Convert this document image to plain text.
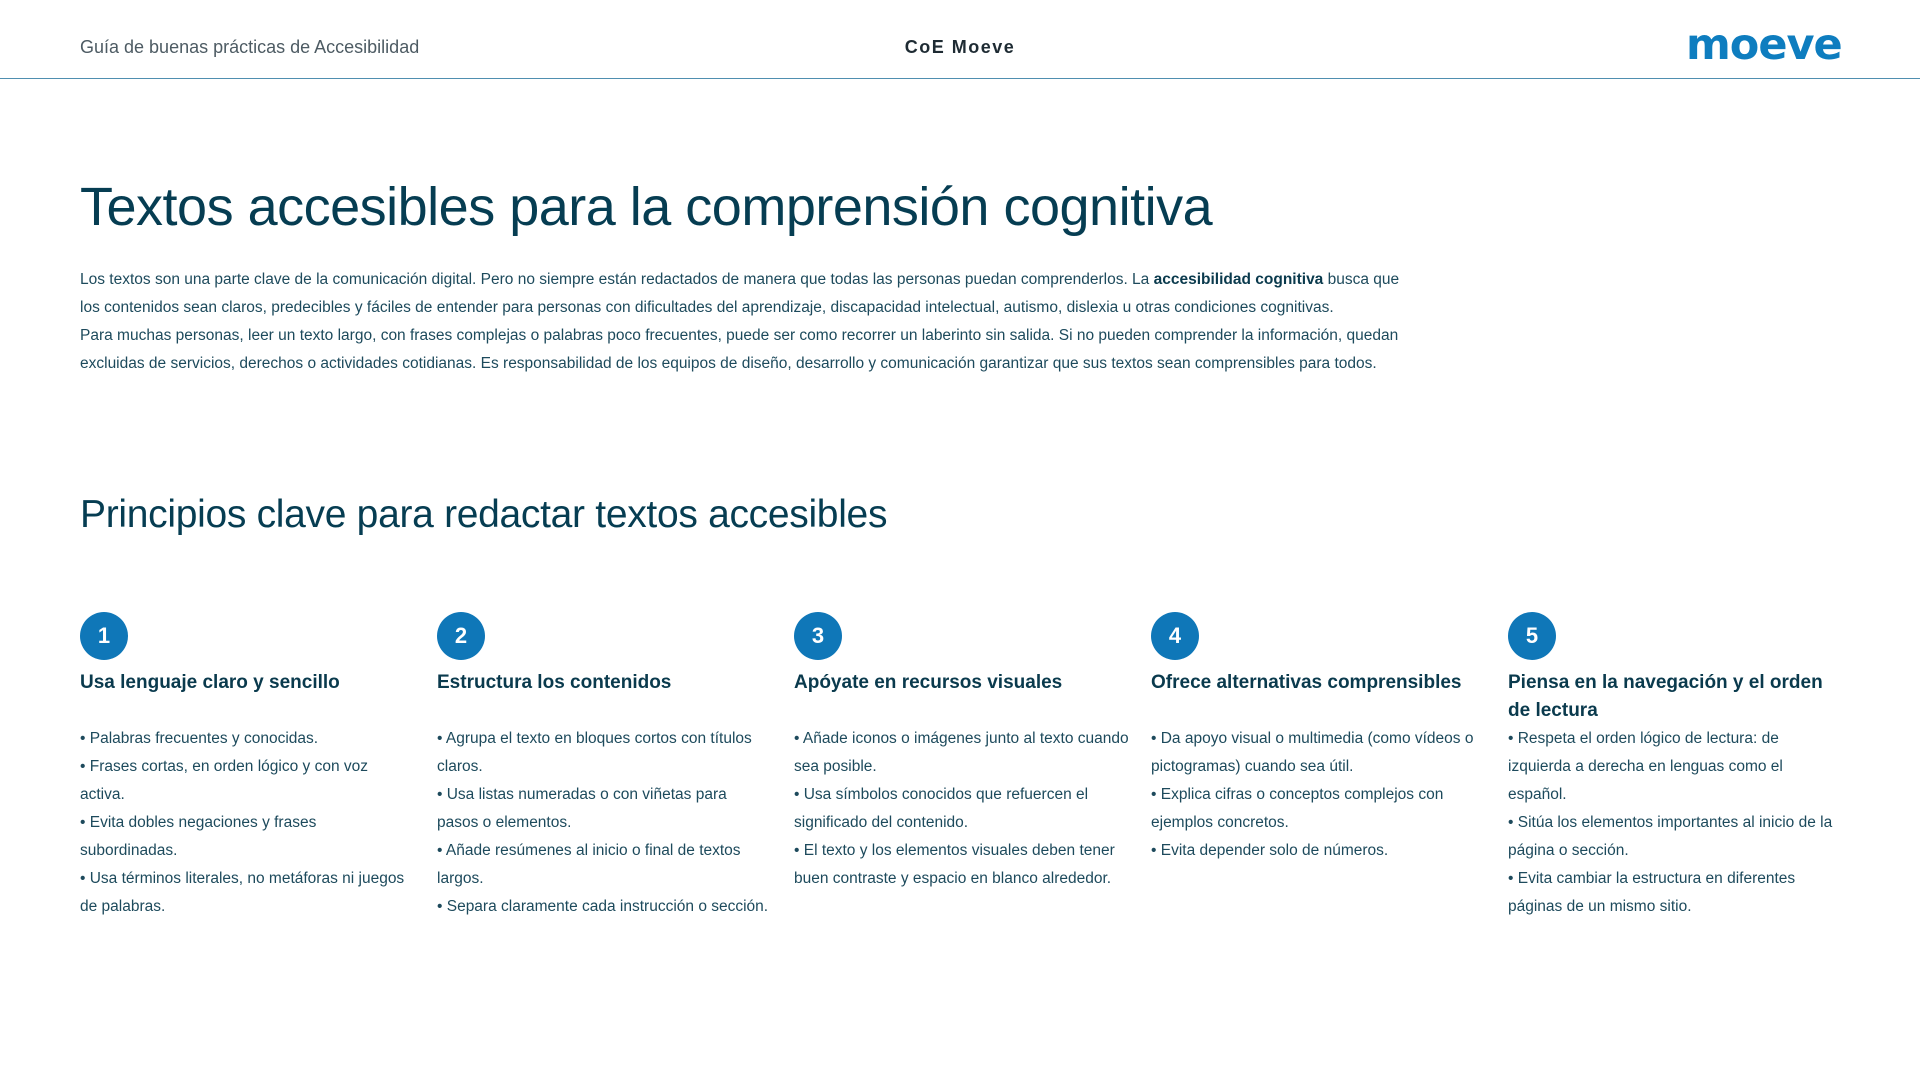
Guía de buenas prácticas de Accesibilidad	CoE Moeve	moeve
Textos accesibles para la comprensión cognitiva

Los textos son una parte clave de la comunicación digital. Pero no siempre están redactados de manera que todas las personas puedan comprenderlos. La accesibilidad cognitiva busca que los contenidos sean claros, predecibles y fáciles de entender para personas con dificultades del aprendizaje, discapacidad intelectual, autismo, dislexia u otras condiciones cognitivas.

Para muchas personas, leer un texto largo, con frases complejas o palabras poco frecuentes, puede ser como recorrer un laberinto sin salida. Si no pueden comprender la información, quedan excluidas de servicios, derechos o actividades cotidianas. Es responsabilidad de los equipos de diseño, desarrollo y comunicación garantizar que sus textos sean comprensibles para todos.

Principios clave para redactar textos accesibles
1
Usa lenguaje claro y sencillo
• Palabras frecuentes y conocidas.
• Frases cortas, en orden lógico y con voz activa.
• Evita dobles negaciones y frases subordinadas.
• Usa términos literales, no metáforas ni juegos de palabras.
2
Estructura los contenidos
• Agrupa el texto en bloques cortos con títulos claros.
• Usa listas numeradas o con viñetas para pasos o elementos.
• Añade resúmenes al inicio o final de textos largos.
• Separa claramente cada instrucción o sección.
3
Apóyate en recursos visuales
• Añade iconos o imágenes junto al texto cuando sea posible.
• Usa símbolos conocidos que refuercen el significado del contenido.
• El texto y los elementos visuales deben tener buen contraste y espacio en blanco alrededor.
4
Ofrece alternativas comprensibles
• Da apoyo visual o multimedia (como vídeos o pictogramas) cuando sea útil.
• Explica cifras o conceptos complejos con ejemplos concretos.
• Evita depender solo de números.
5
Piensa en la navegación y el orden de lectura
• Respeta el orden lógico de lectura: de izquierda a derecha en lenguas como el español.
• Sitúa los elementos importantes al inicio de la página o sección.
• Evita cambiar la estructura en diferentes páginas de un mismo sitio.
